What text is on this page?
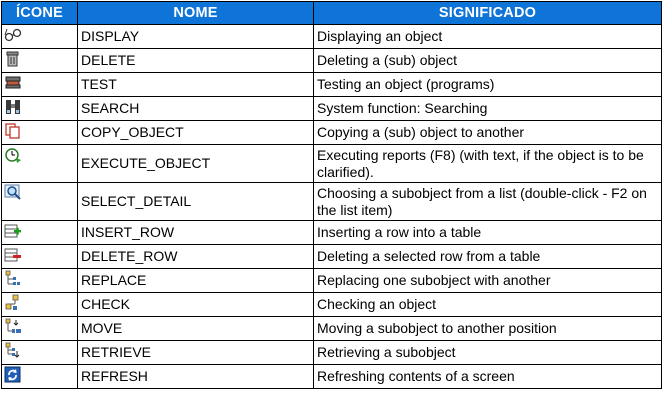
ÍCONE	NOME	SIGNIFICADO

	DISPLAY	Displaying an object

	DELETE	Deleting a (sub) object

	TEST	Testing an object (programs)

	SEARCH	System function: Searching

	COPY_OBJECT	Copying a (sub) object to another

	EXECUTE_OBJECT	Executing reports (F8) (with text, if the object is to be clarified).

	SELECT_DETAIL	Choosing a subobject from a list (double-click - F2 on the list item)

	INSERT_ROW	Inserting a row into a table

	DELETE_ROW	Deleting a selected row from a table

	REPLACE	Replacing one subobject with another

	CHECK	Checking an object

	MOVE	Moving a subobject to another position

	RETRIEVE	Retrieving a subobject

	REFRESH	Refreshing contents of a screen
